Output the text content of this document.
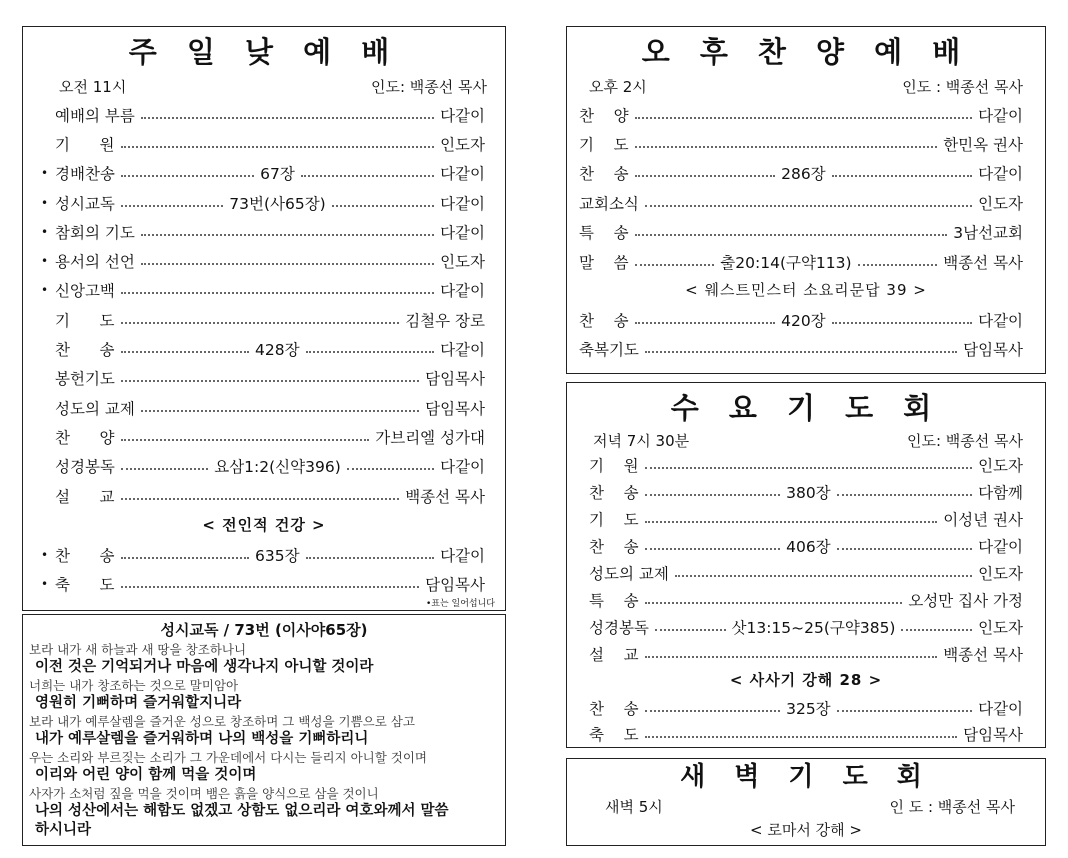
주 일 낮 예 배
오전 11시	인도: 백종선 목사
예배의 부름	다같이
기      원	인도자
• 경배찬송	67장	다같이
• 성시교독	73번(사65장)	다같이
• 참회의 기도	다같이
• 용서의 선언	인도자
• 신앙고백	다같이
기      도	김철우 장로
찬      송	428장	다같이
봉헌기도	담임목사
성도의 교제	담임목사
찬      양	가브리엘 성가대
성경봉독	요삼1:2(신약396)	다같이
설      교	백종선 목사
< 전인적 건강 >
• 찬      송	635장	다같이
• 축      도	담임목사
•표는 일어섭니다
성시교독 / 73번 (이사야65장)
보라 내가 새 하늘과 새 땅을 창조하나니
이전 것은 기억되거나 마음에 생각나지 아니할 것이라
너희는 내가 창조하는 것으로 말미암아
영원히 기뻐하며 즐거워할지니라
보라 내가 예루살렘을 즐거운 성으로 창조하며 그 백성을 기쁨으로 삼고
내가 예루살렘을 즐거워하며 나의 백성을 기뻐하리니
우는 소리와 부르짖는 소리가 그 가운데에서 다시는 들리지 아니할 것이며
이리와 어린 양이 함께 먹을 것이며
사자가 소처럼 짚을 먹을 것이며 뱀은 흙을 양식으로 삼을 것이니
나의 성산에서는 해함도 없겠고 상함도 없으리라 여호와께서 말씀
하시니라
오 후 찬 양 예 배
오후 2시	인도 : 백종선 목사
찬    양	다같이
기    도	한민옥 권사
찬    송	286장	다같이
교회소식	인도자
특    송	3남선교회
말    씀	출20:14(구약113)	백종선 목사
< 웨스트민스터 소요리문답 39 >
찬    송	420장	다같이
축복기도	담임목사
수 요 기 도 회
저녁 7시 30분	인도: 백종선 목사
기    원	인도자
찬    송	380장	다함께
기    도	이성년 권사
찬    송	406장	다같이
성도의 교제	인도자
특    송	오성만 집사 가정
성경봉독	삿13:15~25(구약385)	인도자
설    교	백종선 목사
< 사사기 강해 28 >
찬    송	325장	다같이
축    도	담임목사
새 벽 기 도 회
새벽 5시	인 도 : 백종선 목사
< 로마서 강해 >
